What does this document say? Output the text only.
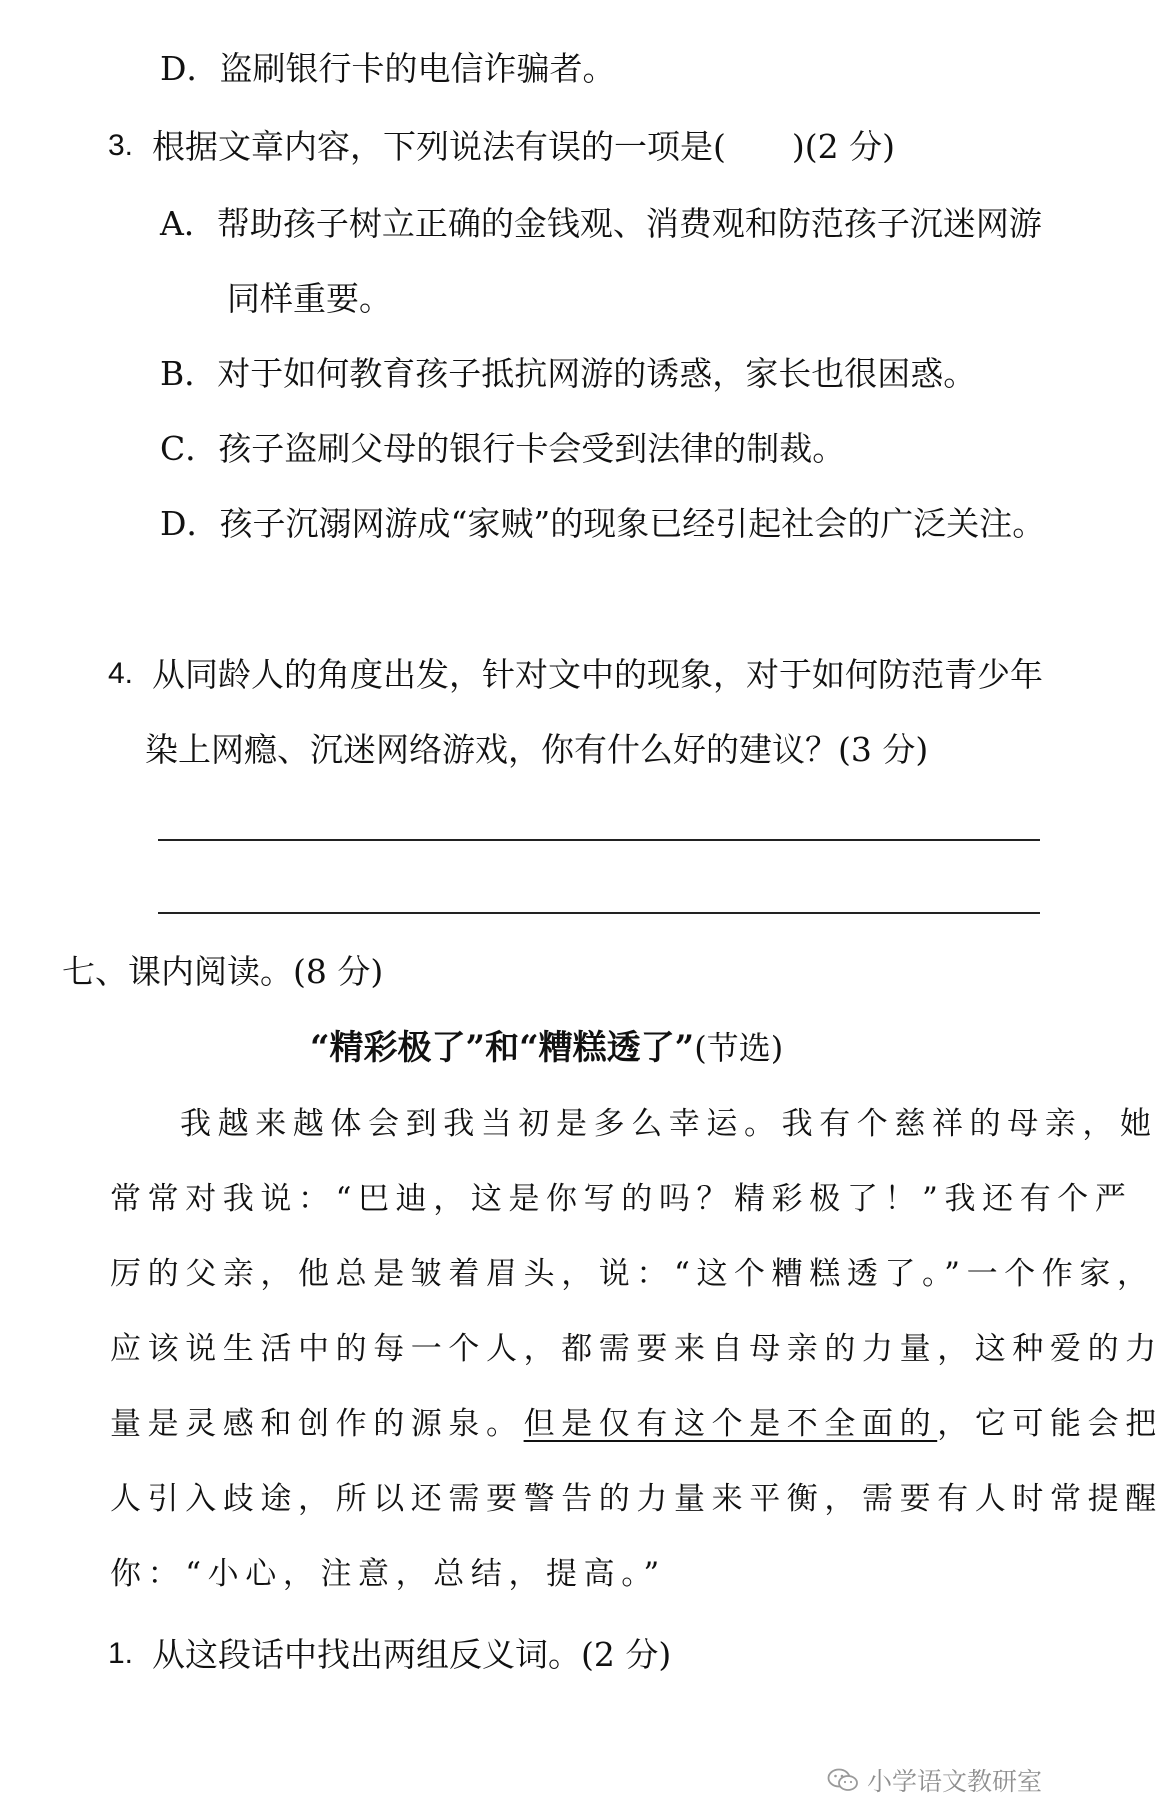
D．盗刷银行卡的电信诈骗者。
3. 根据文章内容，下列说法有误的一项是(　　)(2 分)
A．帮助孩子树立正确的金钱观、消费观和防范孩子沉迷网游
同样重要。
B．对于如何教育孩子抵抗网游的诱惑，家长也很困惑。
C．孩子盗刷父母的银行卡会受到法律的制裁。
D．孩子沉溺网游成“家贼”的现象已经引起社会的广泛关注。
4. 从同龄人的角度出发，针对文中的现象，对于如何防范青少年
染上网瘾、沉迷网络游戏，你有什么好的建议？(3 分)
七、课内阅读。(8 分)
“精彩极了”和“糟糕透了”(节选)
我越来越体会到我当初是多么幸运。我有个慈祥的母亲，她
常常对我说：“巴迪，这是你写的吗？精彩极了！”我还有个严
厉的父亲，他总是皱着眉头，说：“这个糟糕透了。”一个作家，
应该说生活中的每一个人，都需要来自母亲的力量，这种爱的力
量是灵感和创作的源泉。但是仅有这个是不全面的，它可能会把
人引入歧途，所以还需要警告的力量来平衡，需要有人时常提醒
你：“小心，注意，总结，提高。”
1. 从这段话中找出两组反义词。(2 分)
小学语文教研室
